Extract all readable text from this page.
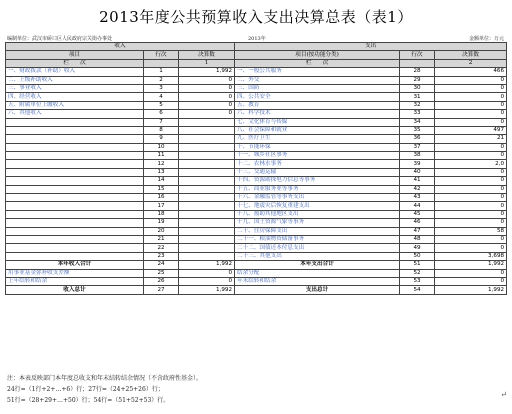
2013年度公共预算收入支出决算总表（表1）
编制单位：武汉市硚口区人民政府宗关街办事处	2013年	金额单位：万元
收入			支出		
项目	行次	决算数	项目(按功能分类)	行次	决算数
栏　　次		1	栏　　次		2
一、财政拨款（补助）收入	1	1,992	一、一般公共服务	28	466
二、上级补助收入	2	0	二、外交	29	0
三、事业收入	3	0	三、国防	30	0
四、经营收入	4	0	四、公共安全	31	0
五、附属单位上缴收入	5	0	五、教育	32	0
六、其他收入	6	0	六、科学技术	33	0
	7		七、文化体育与传媒	34	0
	8		八、社会保障和就业	35	497
	9		九、医疗卫生	36	21
	10		十、节能环保	37	0
	11		十一、城乡社区事务	38	0
	12		十二、农林水事务	39	2,0
	13		十三、交通运输	40	0
	14		十四、资源勘探电力信息等事务	41	0
	15		十五、商业服务业等事务	42	0
	16		十六、金融监管等事务支出	43	0
	17		十七、地震灾后恢复重建支出	44	0
	18		十八、援助其他地区支出	45	0
	19		十九、国土资源气象等事务	46	0
	20		二十、住房保障支出	47	58
	21		二十一、粮油物资储备事务	48	0
	22		二十二、国债还本付息支出	49	0
	23		二十三、其他支出	50	3,698
本年收入合计	24	1,992	本年支出合计	51	1,992
用事业基金弥补收支差额	25	0	结余分配	52	0
上年结转和结余	26	0	年末结转和结余	53	0
收入总计	27	1,992	支出总计	54	1,992
注：本表反映部门本年度总收支和年末结转结余情况（不含政府性基金）。
24行=（1行+2+…+6）行；27行=（24+25+26）行；
51行=（28+29+…+50）行；54行=（51+52+53）行。
↵
